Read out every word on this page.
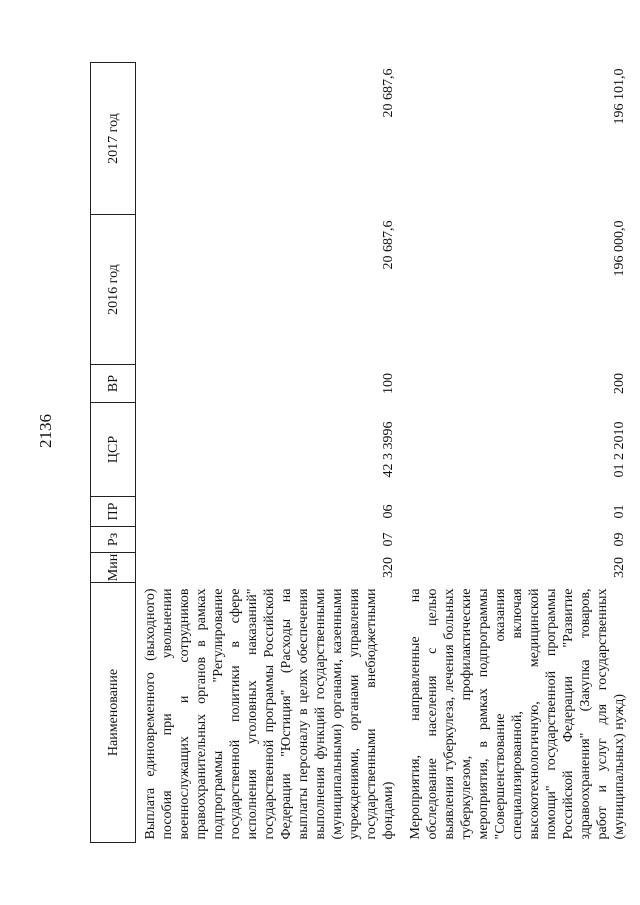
2136
Наименование	Мин	Рз	ПР	ЦСР	ВР	2016 год	2017 год
Выплата единовременного (выходного) пособия при увольнении военнослужащих и сотрудников правоохранительных органов в рамках подпрограммы "Регулирование государственной политики в сфере исполнения уголовных наказаний" государственной программы Российской Федерации "Юстиция" (Расходы на выплаты персоналу в целях обеспечения выполнения функций государственными (муниципальными) органами, казенными учреждениями, органами управления государственными внебюджетными фондами)	320	07	06	42 3 3996	100	20 687,6	20 687,6
Мероприятия, направленные на обследование населения с целью выявления туберкулеза, лечения больных туберкулезом, профилактические мероприятия, в рамках подпрограммы "Совершенствование оказания специализированной, включая высокотехнологичную, медицинской помощи" государственной программы Российской Федерации "Развитие здравоохранения" (Закупка товаров, работ и услуг для государственных (муниципальных) нужд)	320	09	01	01 2 2010	200	196 000,0	196 101,0
